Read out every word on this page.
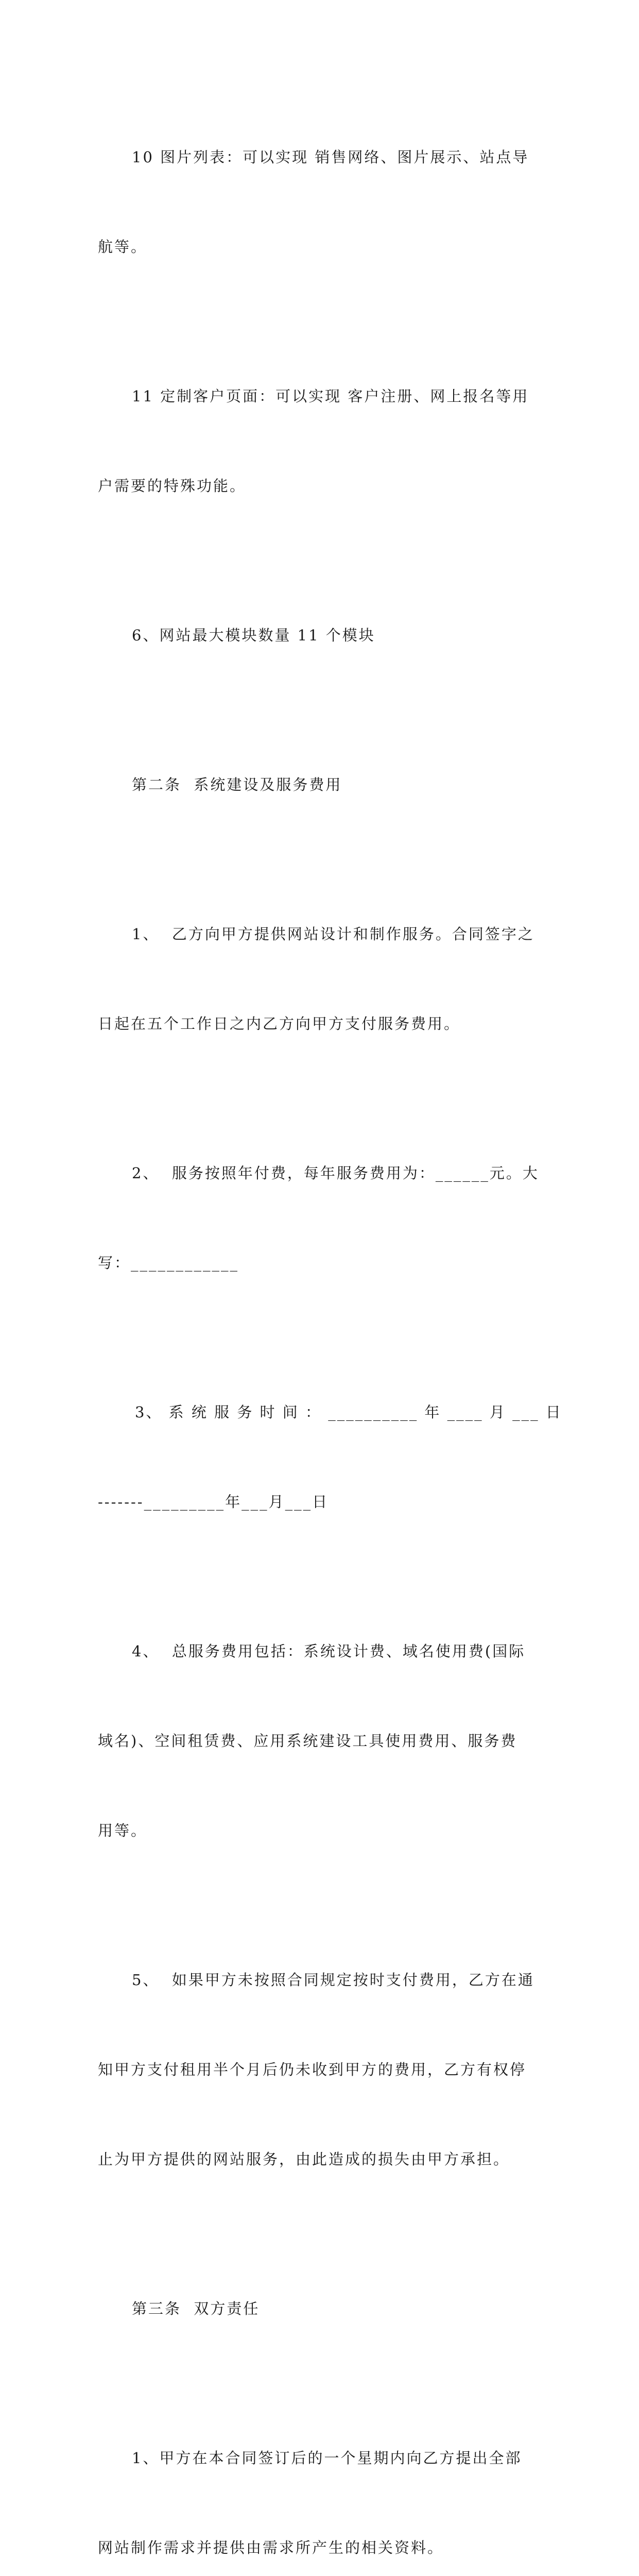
10 图片列表：可以实现 销售网络、图片展示、站点导

航等。

11 定制客户页面：可以实现 客户注册、网上报名等用

户需要的特殊功能。

6、网站最大模块数量 11 个模块

第二条  系统建设及服务费用

1、  乙方向甲方提供网站设计和制作服务。合同签字之

日起在五个工作日之内乙方向甲方支付服务费用。

2、  服务按照年付费，每年服务费用为：______元。大

写：____________

3、 系 统 服 务 时 间 ： __________ 年 ____ 月 ___ 日

-------_________年___月___日

4、  总服务费用包括：系统设计费、域名使用费(国际

域名)、空间租赁费、应用系统建设工具使用费用、服务费

用等。

5、  如果甲方未按照合同规定按时支付费用，乙方在通

知甲方支付租用半个月后仍未收到甲方的费用，乙方有权停

止为甲方提供的网站服务，由此造成的损失由甲方承担。

第三条  双方责任

1、甲方在本合同签订后的一个星期内向乙方提出全部

网站制作需求并提供由需求所产生的相关资料。
